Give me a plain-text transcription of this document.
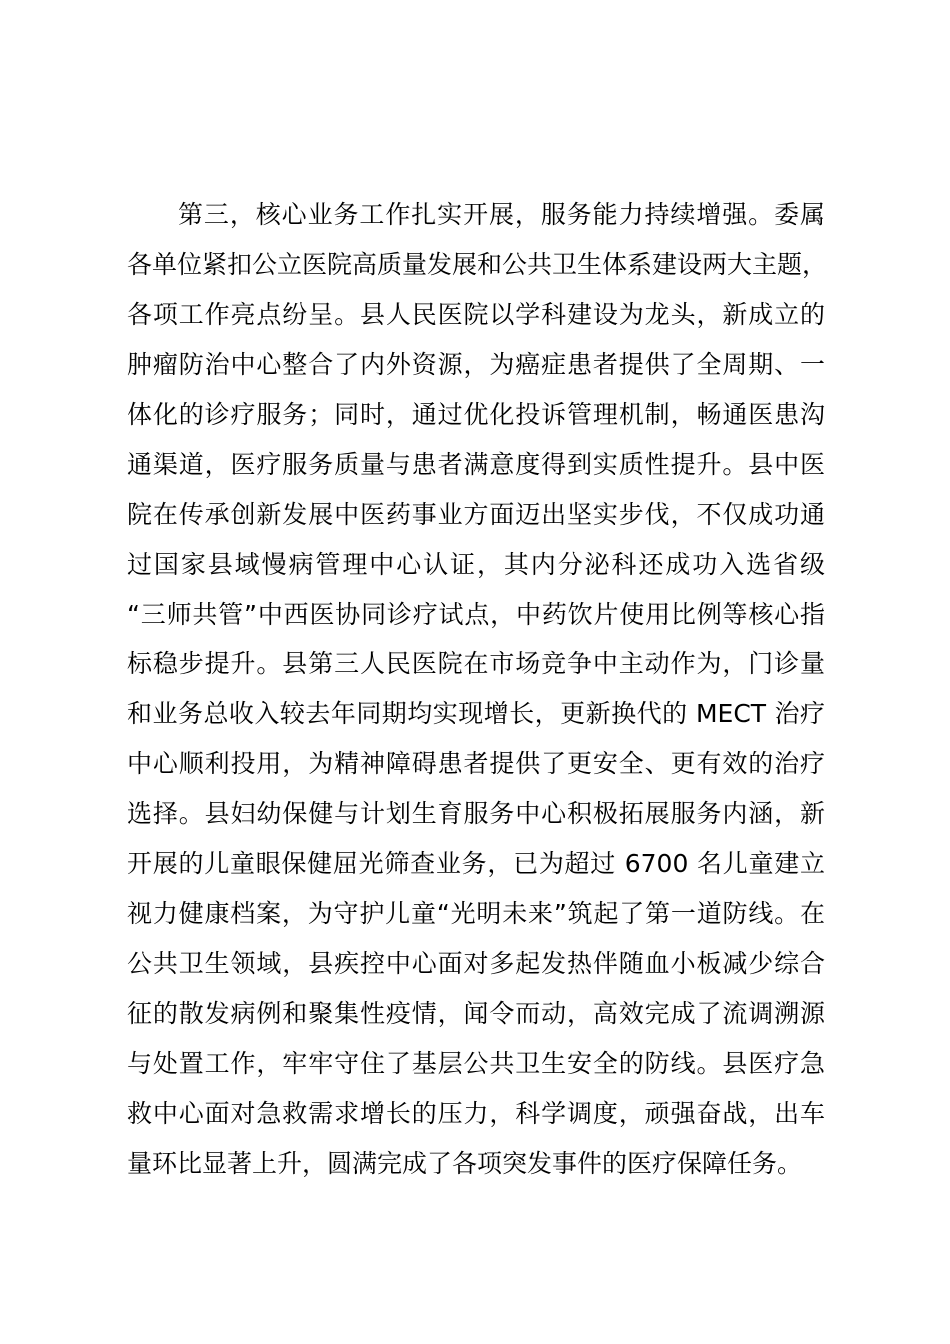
第三，核心业务工作扎实开展，服务能力持续增强。委属
各单位紧扣公立医院高质量发展和公共卫生体系建设两大主题，
各项工作亮点纷呈。县人民医院以学科建设为龙头，新成立的
肿瘤防治中心整合了内外资源，为癌症患者提供了全周期、一
体化的诊疗服务；同时，通过优化投诉管理机制，畅通医患沟
通渠道，医疗服务质量与患者满意度得到实质性提升。县中医
院在传承创新发展中医药事业方面迈出坚实步伐，不仅成功通
过国家县域慢病管理中心认证，其内分泌科还成功入选省级
“三师共管”中西医协同诊疗试点，中药饮片使用比例等核心指
标稳步提升。县第三人民医院在市场竞争中主动作为，门诊量
和业务总收入较去年同期均实现增长，更新换代的 MECT 治疗
中心顺利投用，为精神障碍患者提供了更安全、更有效的治疗
选择。县妇幼保健与计划生育服务中心积极拓展服务内涵，新
开展的儿童眼保健屈光筛查业务，已为超过 6700 名儿童建立
视力健康档案，为守护儿童“光明未来”筑起了第一道防线。在
公共卫生领域，县疾控中心面对多起发热伴随血小板减少综合
征的散发病例和聚集性疫情，闻令而动，高效完成了流调溯源
与处置工作，牢牢守住了基层公共卫生安全的防线。县医疗急
救中心面对急救需求增长的压力，科学调度，顽强奋战，出车
量环比显著上升，圆满完成了各项突发事件的医疗保障任务。
